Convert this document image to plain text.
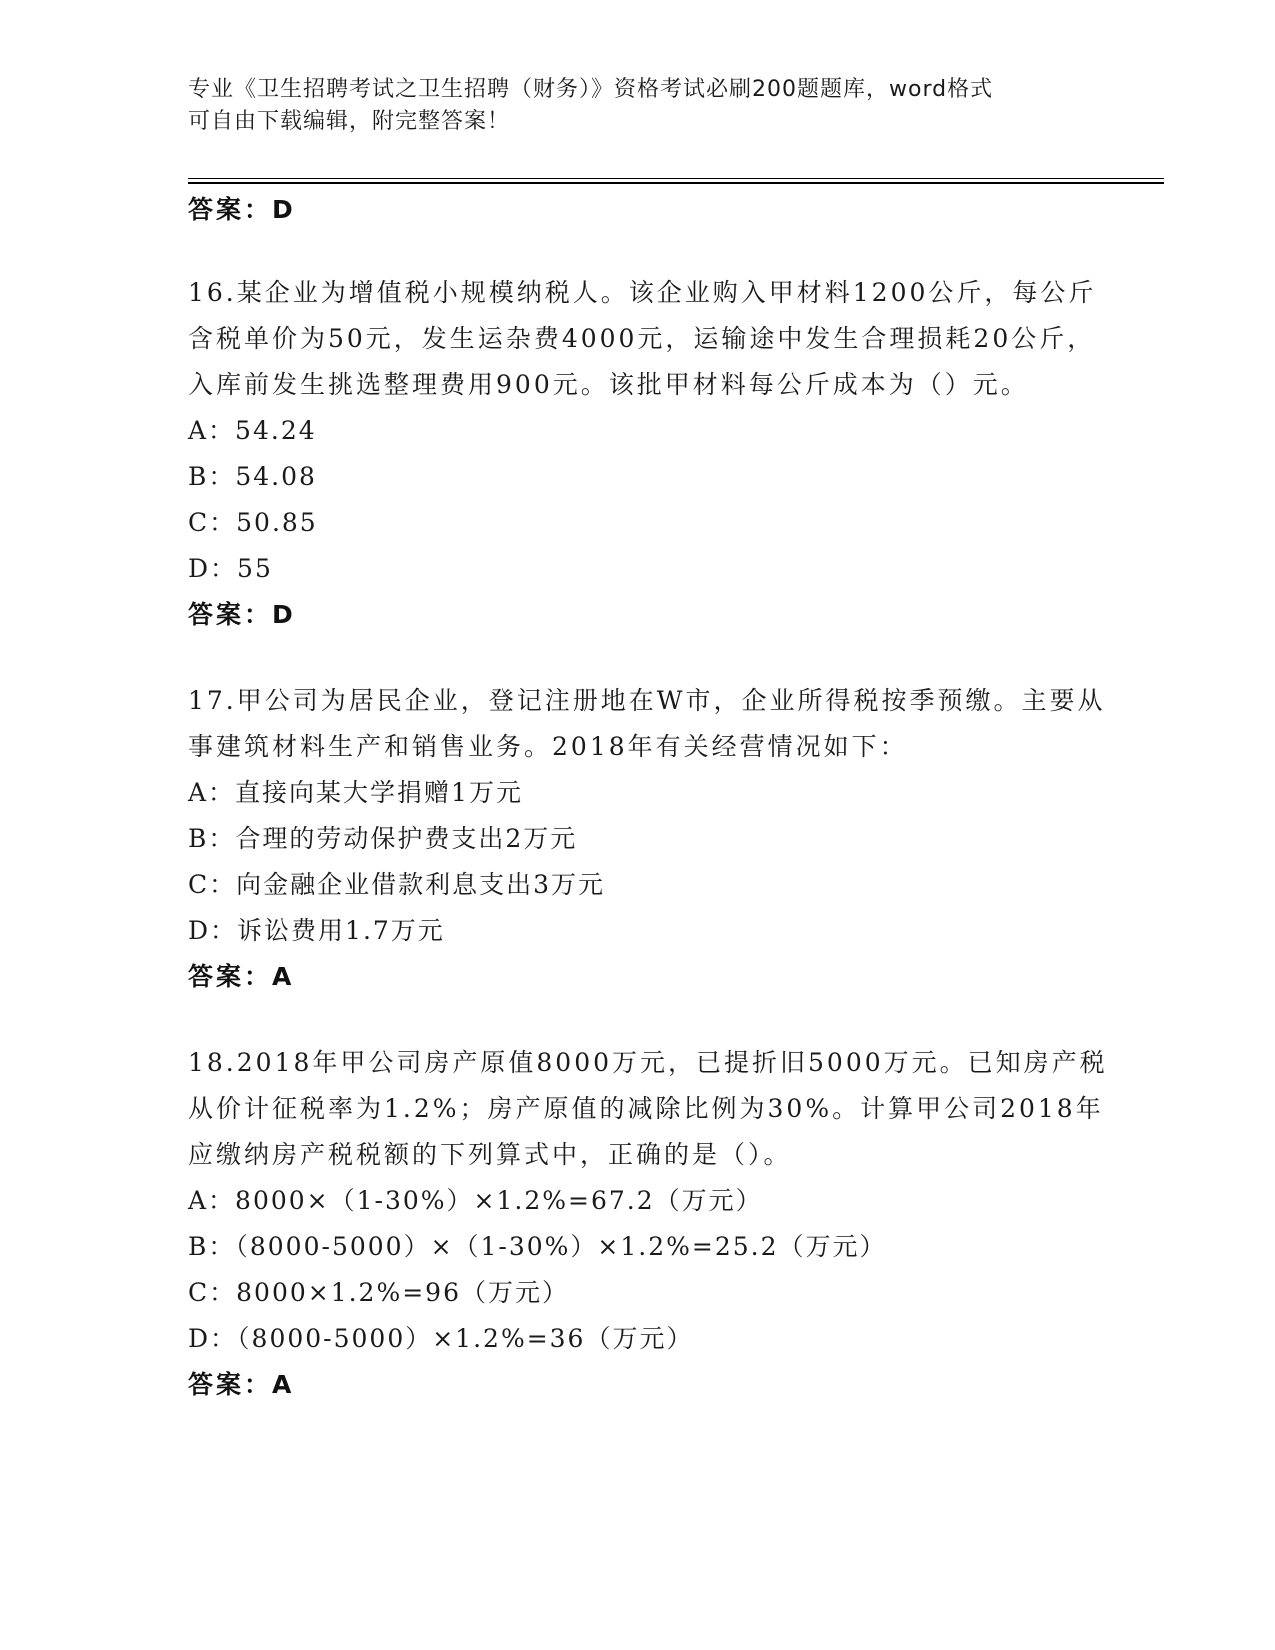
专业《卫生招聘考试之卫生招聘（财务）》资格考试必刷200题题库，word格式
可自由下载编辑，附完整答案！
答案：D

16.某企业为增值税小规模纳税人。该企业购入甲材料1200公斤，每公斤含税单价为50元，发生运杂费4000元，运输途中发生合理损耗20公斤，入库前发生挑选整理费用900元。该批甲材料每公斤成本为（）元。

A：54.24

B：54.08

C：50.85

D：55

答案：D

17.甲公司为居民企业，登记注册地在W市，企业所得税按季预缴。主要从事建筑材料生产和销售业务。2018年有关经营情况如下：

A：直接向某大学捐赠1万元

B：合理的劳动保护费支出2万元

C：向金融企业借款利息支出3万元

D：诉讼费用1.7万元

答案：A

18.2018年甲公司房产原值8000万元，已提折旧5000万元。已知房产税从价计征税率为1.2%；房产原值的减除比例为30%。计算甲公司2018年应缴纳房产税税额的下列算式中，正确的是（）。

A：8000×（1-30%）×1.2%=67.2（万元）

B：（8000-5000）×（1-30%）×1.2%=25.2（万元）

C：8000×1.2%=96（万元）

D：（8000-5000）×1.2%=36（万元）

答案：A
